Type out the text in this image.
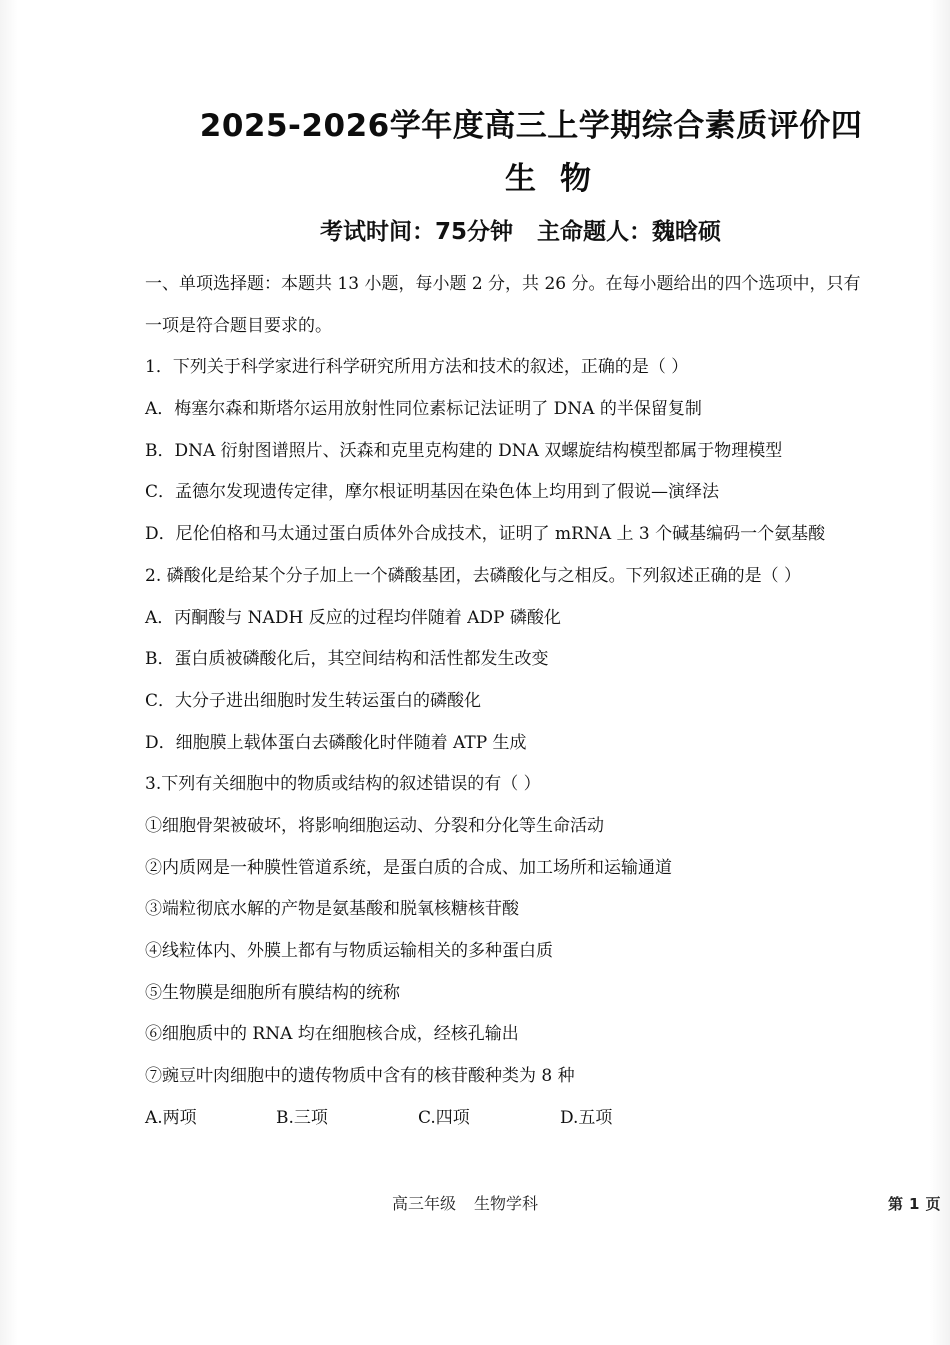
2025-2026学年度高三上学期综合素质评价四
生 物
考试时间：75分钟 主命题人：魏晗硕
一、单项选择题：本题共 13 小题，每小题 2 分，共 26 分。在每小题给出的四个选项中，只有
一项是符合题目要求的。
1．下列关于科学家进行科学研究所用方法和技术的叙述，正确的是（ ）
A．梅塞尔森和斯塔尔运用放射性同位素标记法证明了 DNA 的半保留复制
B．DNA 衍射图谱照片、沃森和克里克构建的 DNA 双螺旋结构模型都属于物理模型
C．孟德尔发现遗传定律，摩尔根证明基因在染色体上均用到了假说—演绎法
D．尼伦伯格和马太通过蛋白质体外合成技术，证明了 mRNA 上 3 个碱基编码一个氨基酸
2. 磷酸化是给某个分子加上一个磷酸基团，去磷酸化与之相反。下列叙述正确的是（ ）
A．丙酮酸与 NADH 反应的过程均伴随着 ADP 磷酸化
B．蛋白质被磷酸化后，其空间结构和活性都发生改变
C．大分子进出细胞时发生转运蛋白的磷酸化
D．细胞膜上载体蛋白去磷酸化时伴随着 ATP 生成
3.下列有关细胞中的物质或结构的叙述错误的有（ ）
①细胞骨架被破坏，将影响细胞运动、分裂和分化等生命活动
②内质网是一种膜性管道系统，是蛋白质的合成、加工场所和运输通道
③端粒彻底水解的产物是氨基酸和脱氧核糖核苷酸
④线粒体内、外膜上都有与物质运输相关的多种蛋白质
⑤生物膜是细胞所有膜结构的统称
⑥细胞质中的 RNA 均在细胞核合成，经核孔输出
⑦豌豆叶肉细胞中的遗传物质中含有的核苷酸种类为 8 种
A.两项	B.三项	C.四项	D.五项
高三年级 生物学科	第 1 页
